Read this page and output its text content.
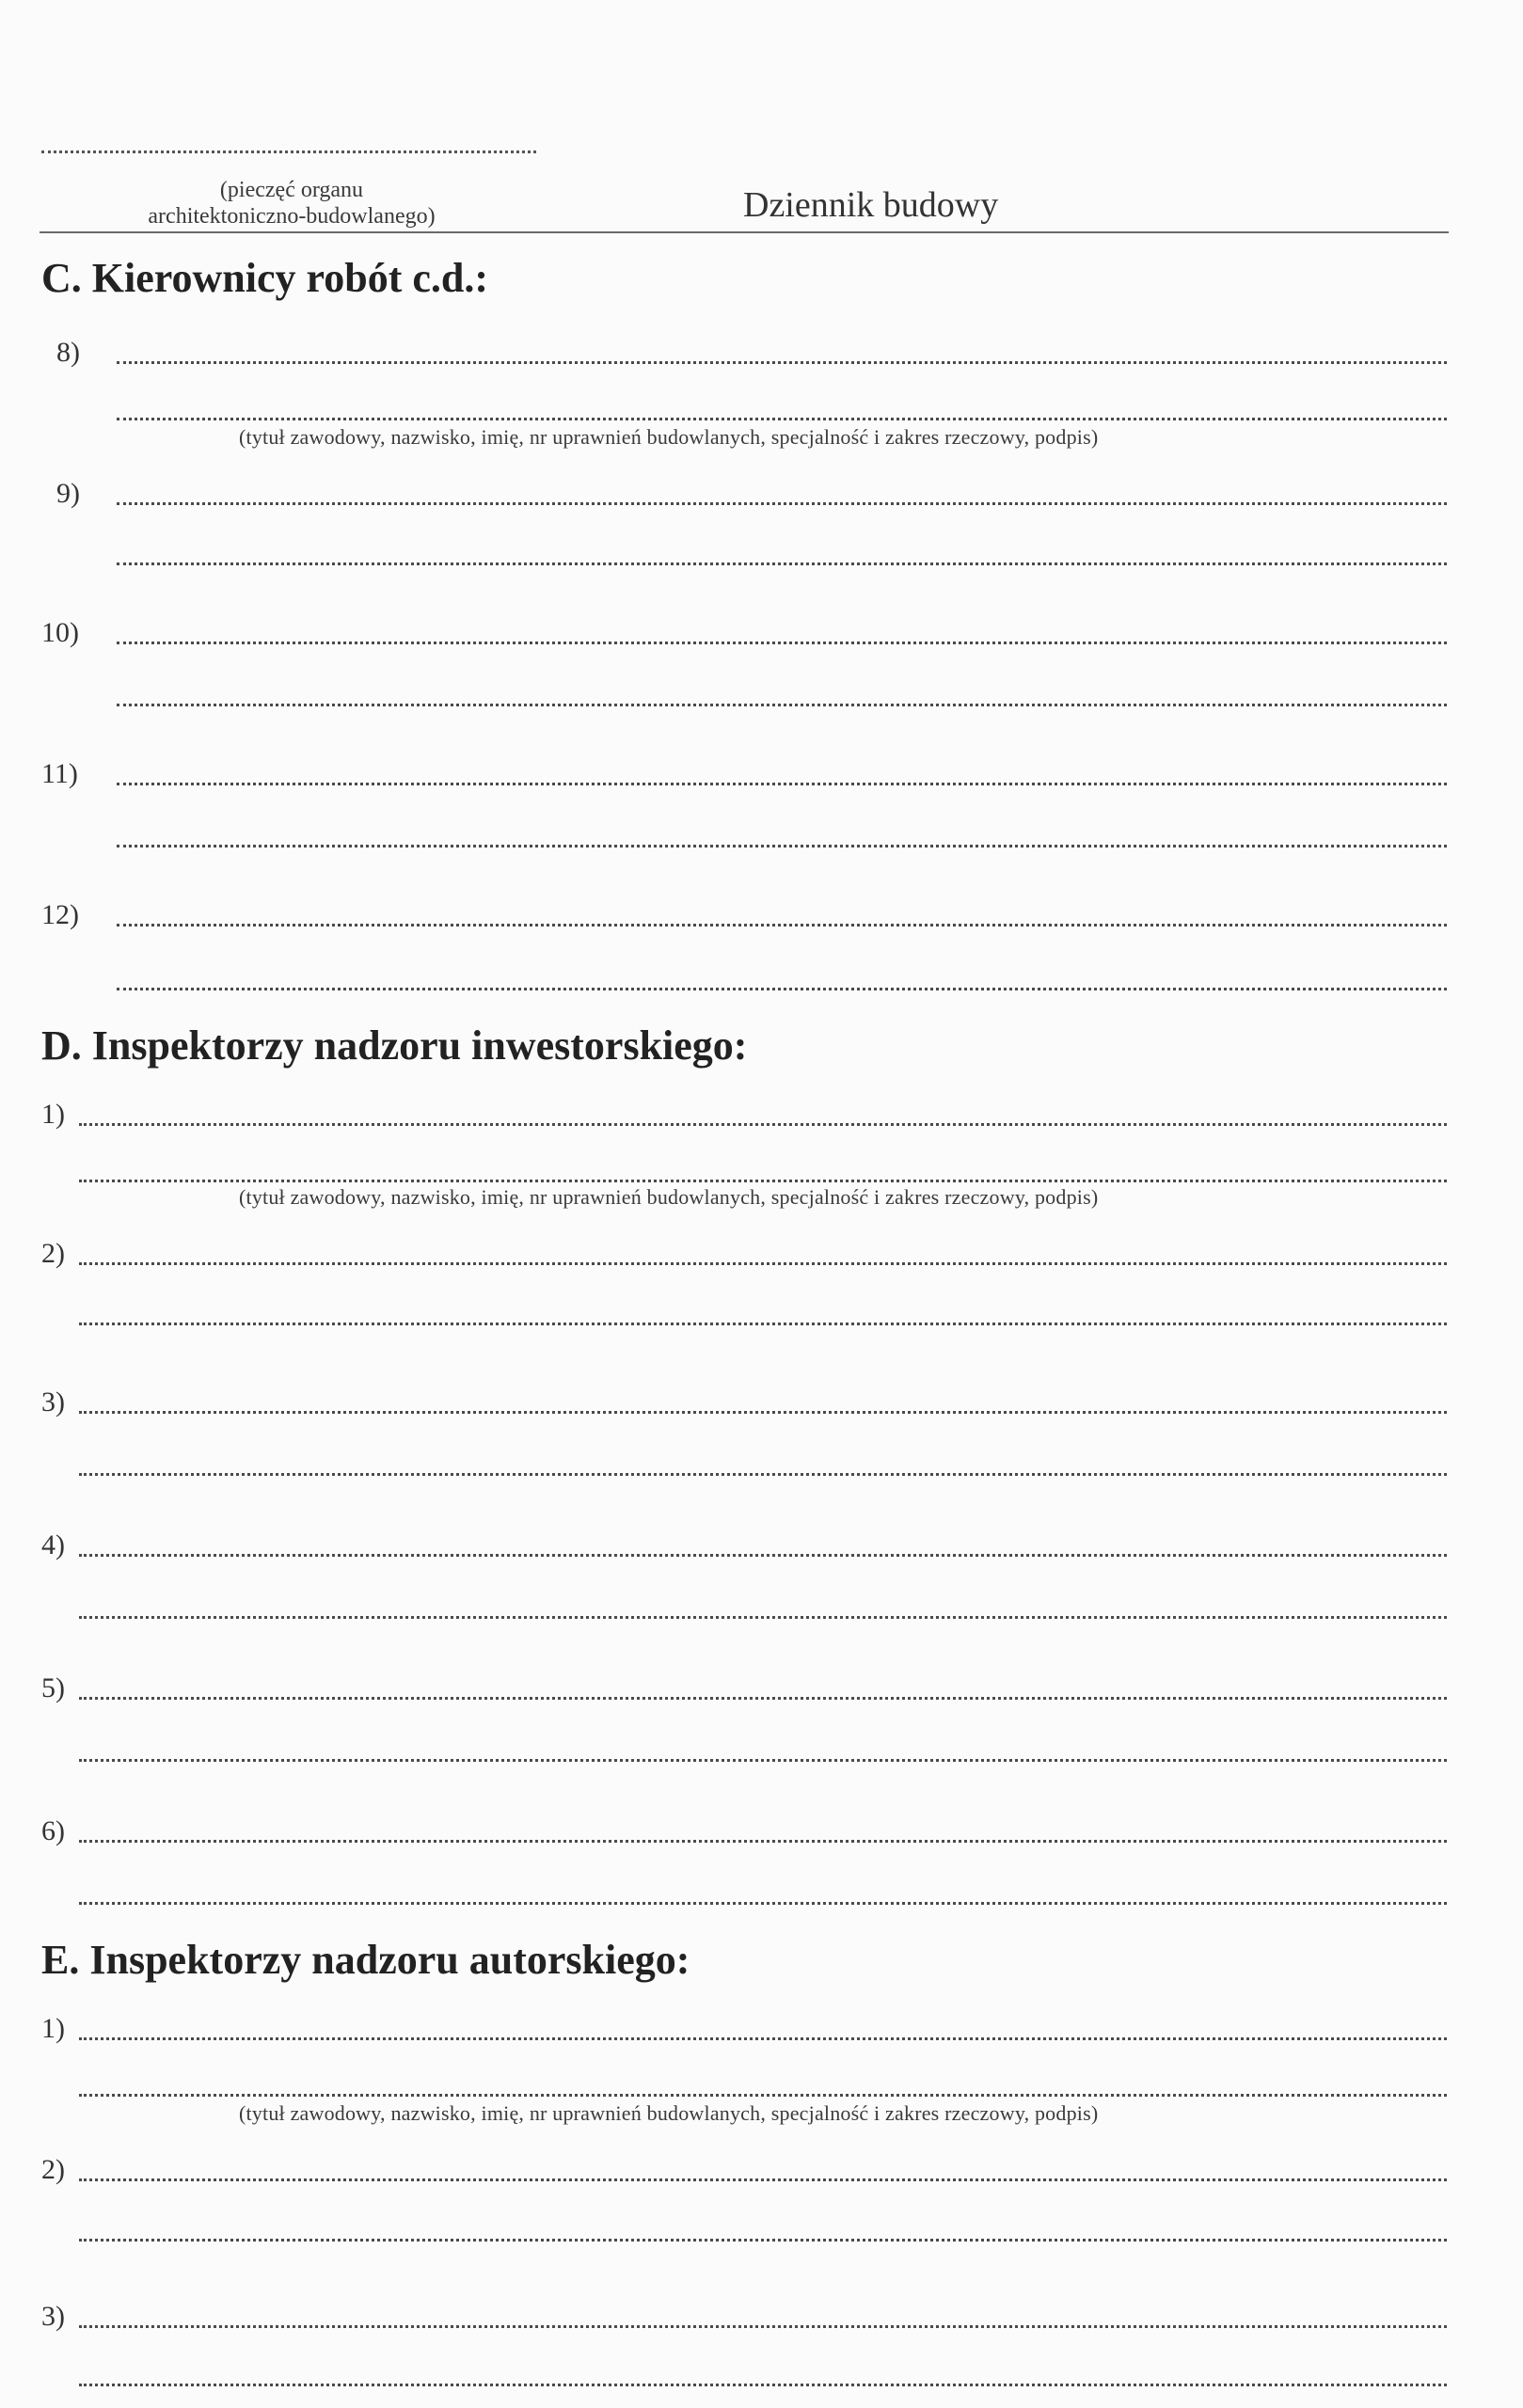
(pieczęć organu
architektoniczno-budowlanego)	Dziennik budowy
C. Kierownicy robót c.d.:
8)
(tytuł zawodowy, nazwisko, imię, nr uprawnień budowlanych, specjalność i zakres rzeczowy, podpis)
9)
10)
11)
12)
D. Inspektorzy nadzoru inwestorskiego:
1)
(tytuł zawodowy, nazwisko, imię, nr uprawnień budowlanych, specjalność i zakres rzeczowy, podpis)
2)
3)
4)
5)
6)
E. Inspektorzy nadzoru autorskiego:
1)
(tytuł zawodowy, nazwisko, imię, nr uprawnień budowlanych, specjalność i zakres rzeczowy, podpis)
2)
3)
